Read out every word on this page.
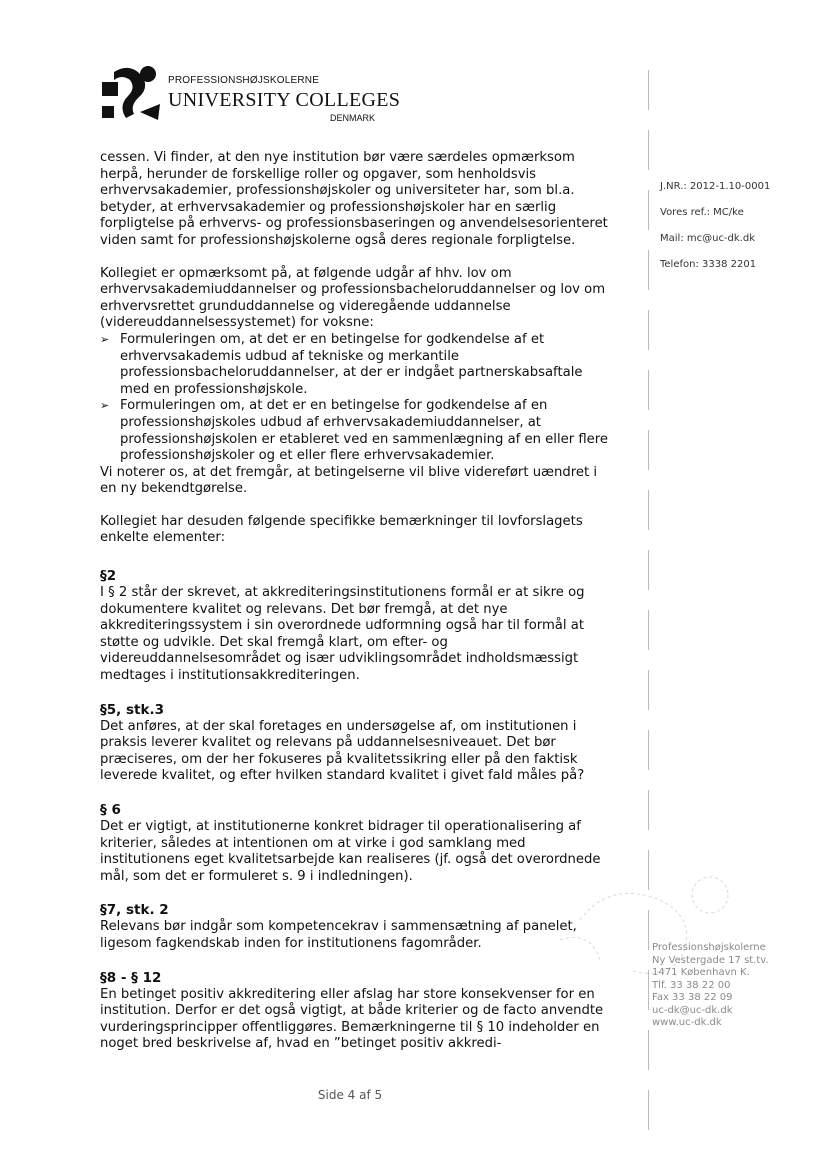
PROFESSIONSHØJSKOLERNE
UNIVERSITY COLLEGES
DENMARK

cessen. Vi finder, at den nye institution bør være særdeles opmærksom herpå, herunder de forskellige roller og opgaver, som henholdsvis erhvervsakademier, professionshøjskoler og universiteter har, som bl.a. betyder, at erhvervsakademier og professionshøjskoler har en særlig forpligtelse på erhvervs- og professionsbaseringen og anvendelsesorienteret viden samt for professionshøjskolerne også deres regionale forpligtelse.

Kollegiet er opmærksomt på, at følgende udgår af hhv. lov om erhvervsakademiuddannelser og professionsbacheloruddannelser og lov om erhvervsrettet grunduddannelse og videregående uddannelse (videreuddannelsessystemet) for voksne:

➢ Formuleringen om, at det er en betingelse for godkendelse af et erhvervsakademis udbud af tekniske og merkantile professionsbacheloruddannelser, at der er indgået partnerskabsaftale med en professionshøjskole.
➢ Formuleringen om, at det er en betingelse for godkendelse af en professionshøjskoles udbud af erhvervsakademiuddannelser, at professionshøjskolen er etableret ved en sammenlægning af en eller flere professionshøjskoler og et eller flere erhvervsakademier.

Vi noterer os, at det fremgår, at betingelserne vil blive videreført uændret i en ny bekendtgørelse.

Kollegiet har desuden følgende specifikke bemærkninger til lovforslagets enkelte elementer:

§2
I § 2 står der skrevet, at akkrediteringsinstitutionens formål er at sikre og dokumentere kvalitet og relevans. Det bør fremgå, at det nye akkrediteringssystem i sin overordnede udformning også har til formål at støtte og udvikle. Det skal fremgå klart, om efter- og videreuddannelsesområdet og især udviklingsområdet indholdsmæssigt medtages i institutionsakkrediteringen.
§5, stk.3
Det anføres, at der skal foretages en undersøgelse af, om institutionen i praksis leverer kvalitet og relevans på uddannelsesniveauet. Det bør præciseres, om der her fokuseres på kvalitetssikring eller på den faktisk leverede kvalitet, og efter hvilken standard kvalitet i givet fald måles på?
§ 6
Det er vigtigt, at institutionerne konkret bidrager til operationalisering af kriterier, således at intentionen om at virke i god samklang med institutionens eget kvalitetsarbejde kan realiseres (jf. også det overordnede mål, som det er formuleret s. 9 i indledningen).
§7, stk. 2
Relevans bør indgår som kompetencekrav i sammensætning af panelet, ligesom fagkendskab inden for institutionens fagområder.
§8 - § 12
En betinget positiv akkreditering eller afslag har store konsekvenser for en institution. Derfor er det også vigtigt, at både kriterier og de facto anvendte vurderingsprincipper offentliggøres. Bemærkningerne til § 10 indeholder en noget bred beskrivelse af, hvad en ”betinget positiv akkredi-
J.NR.: 2012-1.10-0001
Vores ref.: MC/ke
Mail: mc@uc-dk.dk
Telefon: 3338 2201
Professionshøjskolerne
Ny Vestergade 17 st.tv.
1471 København K.
Tlf. 33 38 22 00
Fax 33 38 22 09
uc-dk@uc-dk.dk
www.uc-dk.dk
Side 4 af 5
